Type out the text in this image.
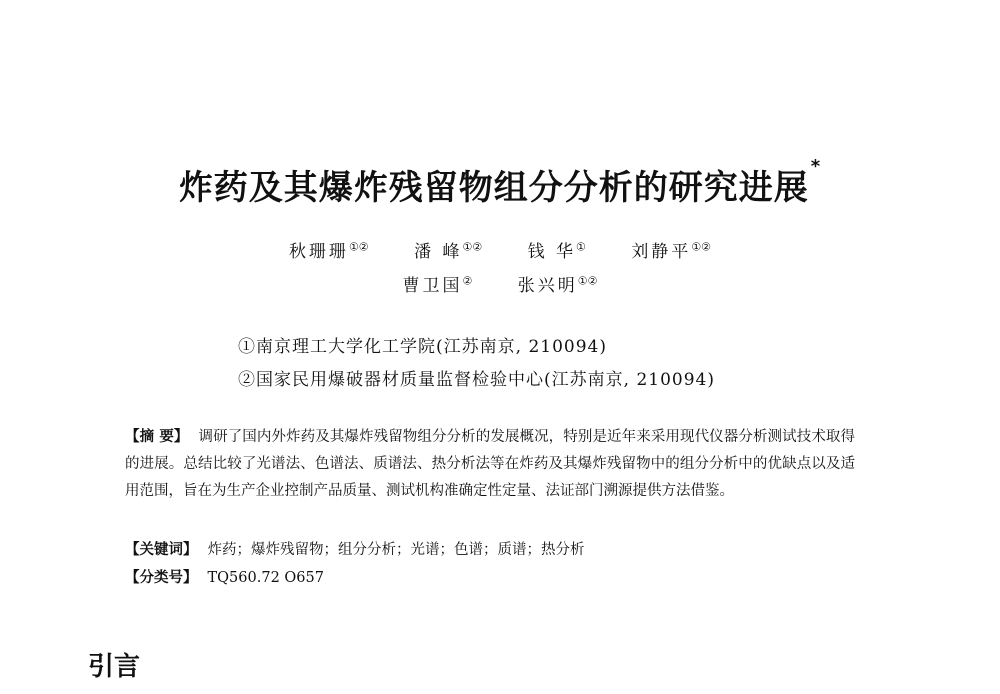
炸药及其爆炸残留物组分分析的研究进展*
秋珊珊①②	潘 峰①②	钱 华①	刘静平①②
曹卫国②	张兴明①②
①南京理工大学化工学院(江苏南京, 210094)
②国家民用爆破器材质量监督检验中心(江苏南京, 210094)
【摘 要】 调研了国内外炸药及其爆炸残留物组分分析的发展概况，特别是近年来采用现代仪器分析测试技术取得的进展。总结比较了光谱法、色谱法、质谱法、热分析法等在炸药及其爆炸残留物中的组分分析中的优缺点以及适用范围，旨在为生产企业控制产品质量、测试机构准确定性定量、法证部门溯源提供方法借鉴。
【关键词】 炸药；爆炸残留物；组分分析；光谱；色谱；质谱；热分析
【分类号】 TQ560.72 O657
引言
